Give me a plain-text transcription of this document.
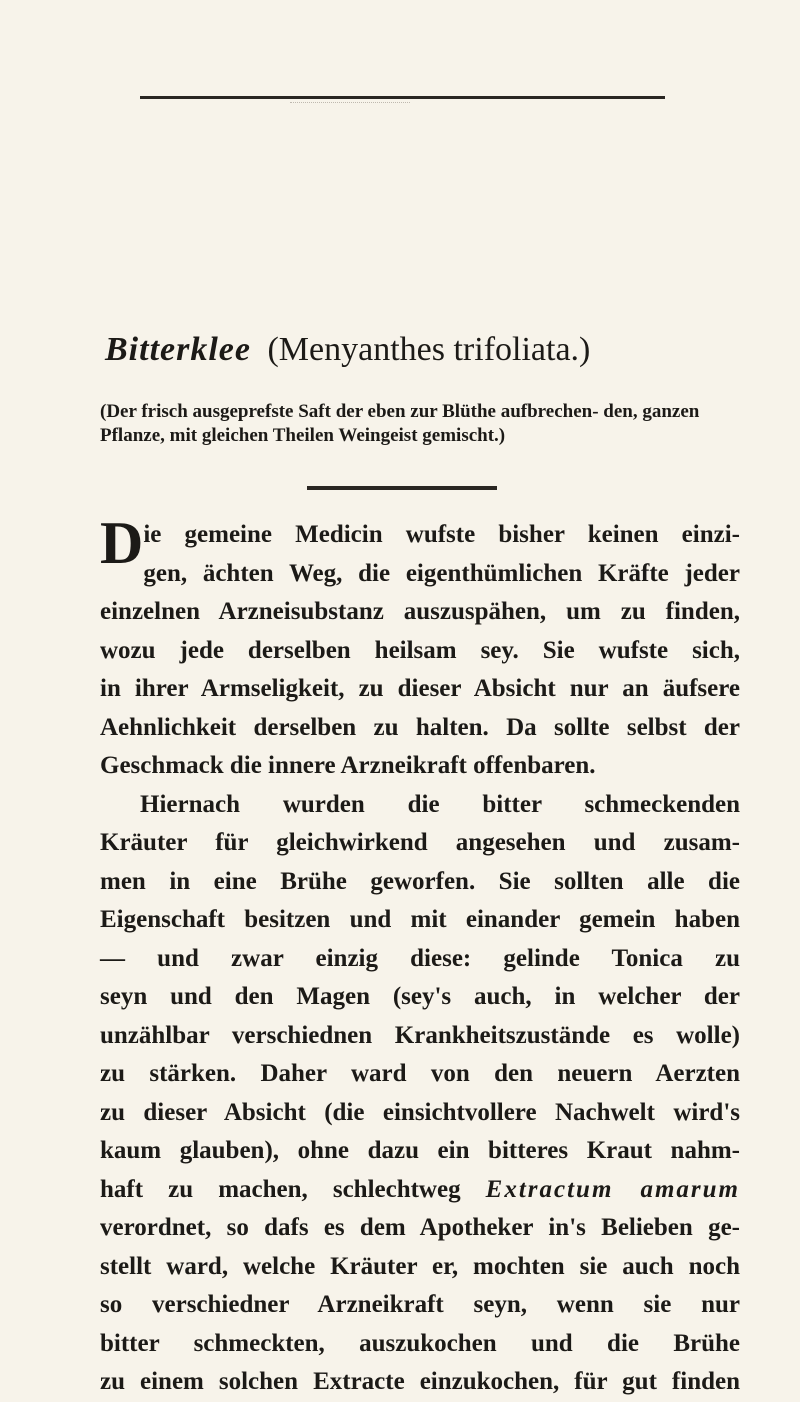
Bitterklee (Menyanthes trifoliata.)
(Der frisch ausgeprefste Saft der eben zur Blüthe aufbrechen- den, ganzen Pflanze, mit gleichen Theilen Weingeist gemischt.)
Die gemeine Medicin wufste bisher keinen einzi-
gen, ächten Weg, die eigenthümlichen Kräfte jeder
einzelnen Arzneisubstanz auszuspähen, um zu finden,
wozu jede derselben heilsam sey. Sie wufste sich,
in ihrer Armseligkeit, zu dieser Absicht nur an äufsere
Aehnlichkeit derselben zu halten. Da sollte selbst der
Geschmack die innere Arzneikraft offenbaren.
Hiernach wurden die bitter schmeckenden
Kräuter für gleichwirkend angesehen und zusam-
men in eine Brühe geworfen. Sie sollten alle die
Eigenschaft besitzen und mit einander gemein haben
— und zwar einzig diese: gelinde Tonica zu
seyn und den Magen (sey's auch, in welcher der
unzählbar verschiednen Krankheitszustände es wolle)
zu stärken. Daher ward von den neuern Aerzten
zu dieser Absicht (die einsichtvollere Nachwelt wird's
kaum glauben), ohne dazu ein bitteres Kraut nahm-
haft zu machen, schlechtweg Extractum amarum
verordnet, so dafs es dem Apotheker in's Belieben ge-
stellt ward, welche Kräuter er, mochten sie auch noch
so verschiedner Arzneikraft seyn, wenn sie nur
bitter schmeckten, auszukochen und die Brühe
zu einem solchen Extracte einzukochen, für gut finden
